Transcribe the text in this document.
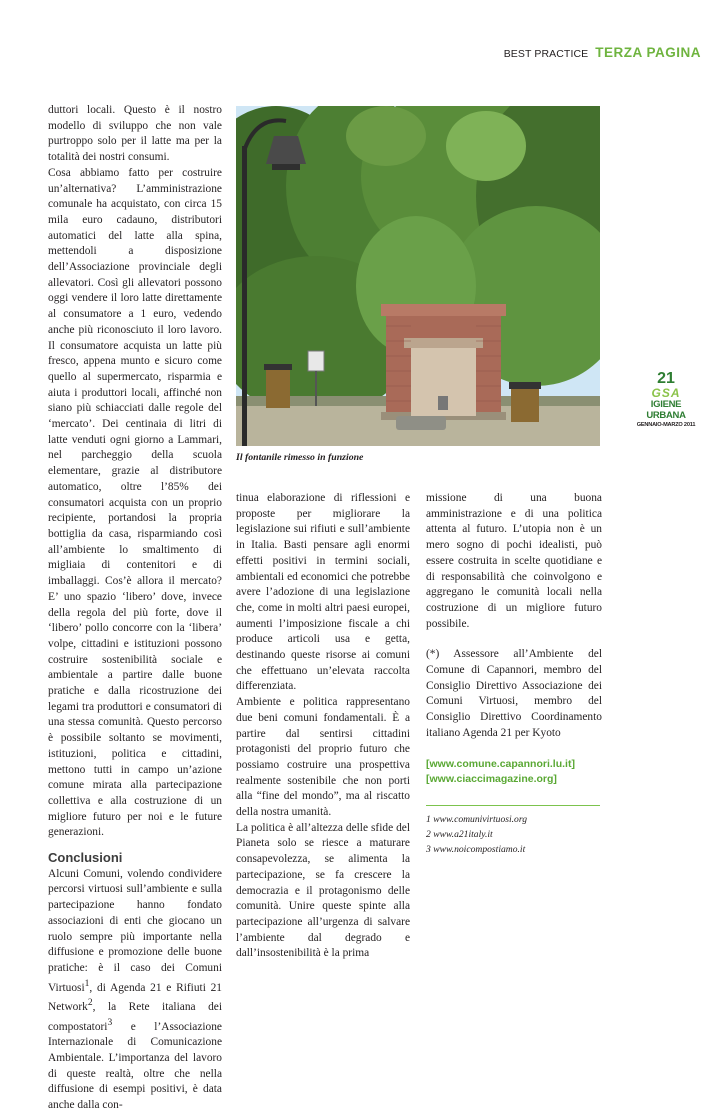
BEST PRACTICE TERZA PAGINA

duttori locali. Questo è il nostro modello di sviluppo che non vale purtroppo solo per il latte ma per la totalità dei nostri consumi.

Cosa abbiamo fatto per costruire un’alternativa? L’amministrazione comunale ha acquistato, con circa 15 mila euro cadauno, distributori automatici del latte alla spina, mettendoli a disposizione dell’Associazione provinciale degli allevatori. Così gli allevatori possono oggi vendere il loro latte direttamente al consumatore a 1 euro, vedendo anche più riconosciuto il loro lavoro. Il consumatore acquista un latte più fresco, appena munto e sicuro come quello al supermercato, risparmia e aiuta i produttori locali, affinché non siano più schiacciati dalle regole del ‘mercato’. Dei centinaia di litri di latte venduti ogni giorno a Lammari, nel parcheggio della scuola elementare, grazie al distributore automatico, oltre l’85% dei consumatori acquista con un proprio recipiente, portandosi la propria bottiglia da casa, risparmiando così all’ambiente lo smaltimento di migliaia di contenitori e di imballaggi. Cos’è allora il mercato? E’ uno spazio ‘libero’ dove, invece della regola del più forte, dove il ‘libero’ pollo concorre con la ‘libera’ volpe, cittadini e istituzioni possono costruire sostenibilità sociale e ambientale a partire dalle buone pratiche e dalla ricostruzione dei legami tra produttori e consumatori di una stessa comunità. Questo percorso è possibile soltanto se movimenti, istituzioni, politica e cittadini, mettono tutti in campo un’azione comune mirata alla partecipazione collettiva e alla costruzione di un migliore futuro per noi e le future generazioni.

Conclusioni

Alcuni Comuni, volendo condividere percorsi virtuosi sull’ambiente e sulla partecipazione hanno fondato associazioni di enti che giocano un ruolo sempre più importante nella diffusione e promozione delle buone pratiche: è il caso dei Comuni Virtuosi$^1$, di Agenda 21 e Rifiuti 21 Network$^2$, la Rete italiana dei compostatori$^3$ e l’Associazione Internazionale di Comunicazione Ambientale. L’importanza del lavoro di queste realtà, oltre che nella diffusione di esempi positivi, è data anche dalla con-

Il fontanile rimesso in funzione
21
GSA
IGIENE URBANA
GENNAIO-MARZO 2011

tinua elaborazione di riflessioni e proposte per migliorare la legislazione sui rifiuti e sull’ambiente in Italia. Basti pensare agli enormi effetti positivi in termini sociali, ambientali ed economici che potrebbe avere l’adozione di una legislazione che, come in molti altri paesi europei, aumenti l’imposizione fiscale a chi produce articoli usa e getta, destinando queste risorse ai comuni che effettuano un’elevata raccolta differenziata.

Ambiente e politica rappresentano due beni comuni fondamentali. È a partire dal sentirsi cittadini protagonisti del proprio futuro che possiamo costruire una prospettiva realmente sostenibile che non porti alla “fine del mondo”, ma al riscatto della nostra umanità.

La politica è all’altezza delle sfide del Pianeta solo se riesce a maturare consapevolezza, se alimenta la partecipazione, se fa crescere la democrazia e il protagonismo delle comunità. Unire queste spinte alla partecipazione all’urgenza di salvare l’ambiente dal degrado e dall’insostenibilità è la prima

missione di una buona amministrazione e di una politica attenta al futuro. L’utopia non è un mero sogno di pochi idealisti, può essere costruita in scelte quotidiane e di responsabilità che coinvolgono e aggregano le comunità locali nella costruzione di un migliore futuro possibile.

(*) Assessore all’Ambiente del Comune di Capannori, membro del Consiglio Direttivo Associazione dei Comuni Virtuosi, membro del Consiglio Direttivo Coordinamento italiano Agenda 21 per Kyoto

[www.comune.capannori.lu.it]
[www.ciaccimagazine.org]
1 www.comunivirtuosi.org
2 www.a21italy.it
3 www.noicompostiamo.it
